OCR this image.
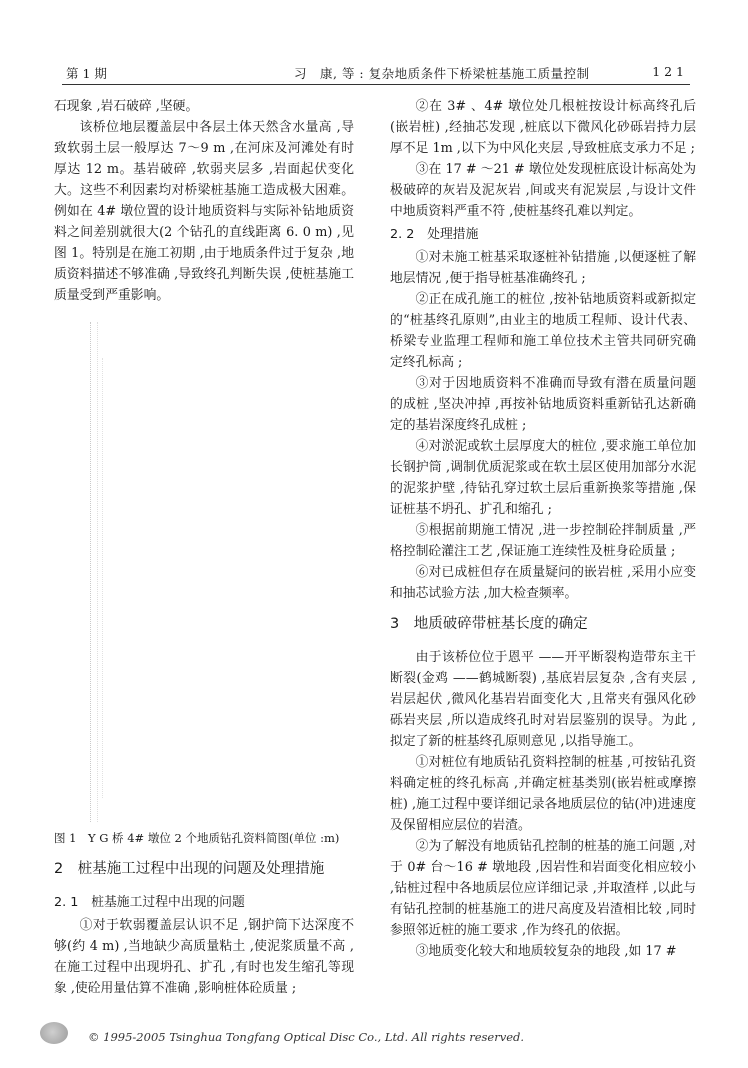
第 1 期	习　康, 等 : 复杂地质条件下桥梁桩基施工质量控制	1 2 1

石现象 ,岩石破碎 ,坚硬。

该桥位地层覆盖层中各层土体天然含水量高 ,导致软弱土层一般厚达 7～9 m ,在河床及河滩处有时厚达 12 m。基岩破碎 ,软弱夹层多 ,岩面起伏变化大。这些不利因素均对桥梁桩基施工造成极大困难。例如在 4# 墩位置的设计地质资料与实际补钻地质资料之间差别就很大(2 个钻孔的直线距离 6. 0 m) ,见图 1。特别是在施工初期 ,由于地质条件过于复杂 ,地质资料描述不够准确 ,导致终孔判断失误 ,使桩基施工质量受到严重影响。

图 1　Y G 桥 4# 墩位 2 个地质钻孔资料简图(单位 :m)

2　桩基施工过程中出现的问题及处理措施
2. 1　桩基施工过程中出现的问题

①对于软弱覆盖层认识不足 ,钢护筒下达深度不够(约 4 m) ,当地缺少高质量粘土 ,使泥浆质量不高 ,在施工过程中出现坍孔、扩孔 ,有时也发生缩孔等现象 ,使砼用量估算不准确 ,影响桩体砼质量 ;

②在 3# 、4# 墩位处几根桩按设计标高终孔后(嵌岩桩) ,经抽芯发现 ,桩底以下微风化砂砾岩持力层厚不足 1m ,以下为中风化夹层 ,导致桩底支承力不足 ;

③在 17 # ～21 # 墩位处发现桩底设计标高处为极破碎的灰岩及泥灰岩 ,间或夹有泥炭层 ,与设计文件中地质资料严重不符 ,使桩基终孔难以判定。

2. 2　处理措施

①对未施工桩基采取逐桩补钻措施 ,以便逐桩了解地层情况 ,便于指导桩基准确终孔 ;

②正在成孔施工的桩位 ,按补钻地质资料或新拟定的“桩基终孔原则”,由业主的地质工程师、设计代表、桥梁专业监理工程师和施工单位技术主管共同研究确定终孔标高 ;

③对于因地质资料不准确而导致有潜在质量问题的成桩 ,坚决冲掉 ,再按补钻地质资料重新钻孔达新确定的基岩深度终孔成桩 ;

④对淤泥或软土层厚度大的桩位 ,要求施工单位加长钢护筒 ,调制优质泥浆或在软土层区使用加部分水泥的泥浆护壁 ,待钻孔穿过软土层后重新换浆等措施 ,保证桩基不坍孔、扩孔和缩孔 ;

⑤根据前期施工情况 ,进一步控制砼拌制质量 ,严格控制砼灌注工艺 ,保证施工连续性及桩身砼质量 ;

⑥对已成桩但存在质量疑问的嵌岩桩 ,采用小应变和抽芯试验方法 ,加大检查频率。

3　地质破碎带桩基长度的确定

由于该桥位位于恩平 ——开平断裂构造带东主干断裂(金鸡 ——鹤城断裂) ,基底岩层复杂 ,含有夹层 ,岩层起伏 ,微风化基岩岩面变化大 ,且常夹有强风化砂砾岩夹层 ,所以造成终孔时对岩层鉴别的误导。为此 ,拟定了新的桩基终孔原则意见 ,以指导施工。

①对桩位有地质钻孔资料控制的桩基 ,可按钻孔资料确定桩的终孔标高 ,并确定桩基类别(嵌岩桩或摩擦桩) ,施工过程中要详细记录各地质层位的钻(冲)进速度及保留相应层位的岩渣。

②为了解没有地质钻孔控制的桩基的施工问题 ,对于 0# 台～16 # 墩地段 ,因岩性和岩面变化相应较小 ,钻桩过程中各地质层位应详细记录 ,并取渣样 ,以此与有钻孔控制的桩基施工的进尺高度及岩渣相比较 ,同时参照邻近桩的施工要求 ,作为终孔的依据。

③地质变化较大和地质较复杂的地段 ,如 17 #

© 1995-2005 Tsinghua Tongfang Optical Disc Co., Ltd. All rights reserved.
